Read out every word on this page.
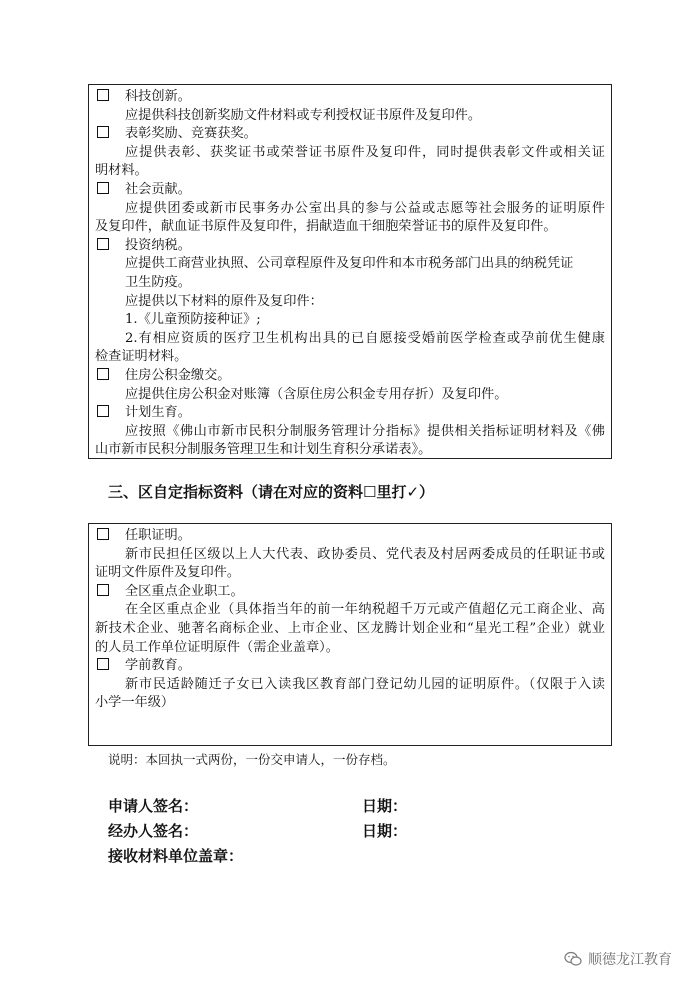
科技创新。
应提供科技创新奖励文件材料或专利授权证书原件及复印件。
表彰奖励、竞赛获奖。
应提供表彰、获奖证书或荣誉证书原件及复印件，同时提供表彰文件或相关证
明材料。
社会贡献。
应提供团委或新市民事务办公室出具的参与公益或志愿等社会服务的证明原件
及复印件，献血证书原件及复印件，捐献造血干细胞荣誉证书的原件及复印件。
投资纳税。
应提供工商营业执照、公司章程原件及复印件和本市税务部门出具的纳税凭证
卫生防疫。
应提供以下材料的原件及复印件：
1.《儿童预防接种证》;
2.有相应资质的医疗卫生机构出具的已自愿接受婚前医学检查或孕前优生健康
检查证明材料。
住房公积金缴交。
应提供住房公积金对账簿（含原住房公积金专用存折）及复印件。
计划生育。
应按照《佛山市新市民积分制服务管理计分指标》提供相关指标证明材料及《佛
山市新市民积分制服务管理卫生和计划生育积分承诺表》。
三、区自定指标资料（请在对应的资料☐里打✓）
任职证明。
新市民担任区级以上人大代表、政协委员、党代表及村居两委成员的任职证书或
证明文件原件及复印件。
全区重点企业职工。
在全区重点企业（具体指当年的前一年纳税超千万元或产值超亿元工商企业、高
新技术企业、驰著名商标企业、上市企业、区龙腾计划企业和“星光工程”企业）就业
的人员工作单位证明原件（需企业盖章）。
学前教育。
新市民适龄随迁子女已入读我区教育部门登记幼儿园的证明原件。（仅限于入读
小学一年级）
说明：本回执一式两份，一份交申请人，一份存档。
申请人签名：	日期：
经办人签名：	日期：
接收材料单位盖章：
顺德龙江教育
